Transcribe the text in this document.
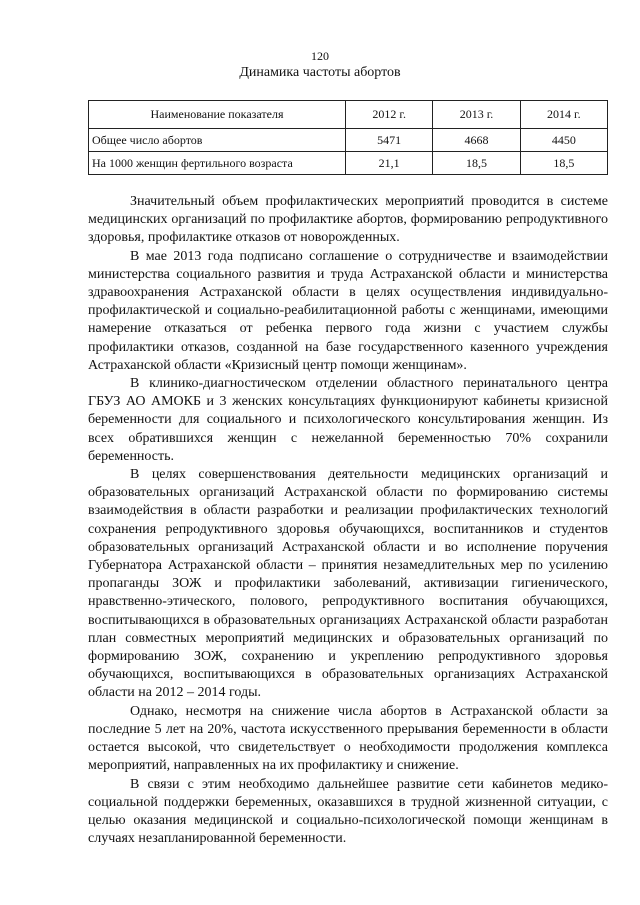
120
Динамика частоты абортов
Наименование показателя	2012 г.	2013 г.	2014 г.
Общее число абортов	5471	4668	4450
На 1000 женщин фертильного возраста	21,1	18,5	18,5

Значительный объем профилактических мероприятий проводится в системе медицинских организаций по профилактике абортов, формированию репродуктивного здоровья, профилактике отказов от новорожденных.

В мае 2013 года подписано соглашение о сотрудничестве и взаимодействии министерства социального развития и труда Астраханской области и министерства здравоохранения Астраханской области в целях осуществления индивидуально-профилактической и социально-реабилитационной работы с женщинами, имеющими намерение отказаться от ребенка первого года жизни с участием службы профилактики отказов, созданной на базе государственного казенного учреждения Астраханской области «Кризисный центр помощи женщинам».

В клинико-диагностическом отделении областного перинатального центра ГБУЗ АО АМОКБ и 3 женских консультациях функционируют кабинеты кризисной беременности для социального и психологического консультирования женщин. Из всех обратившихся женщин с нежеланной беременностью 70% сохранили беременность.

В целях совершенствования деятельности медицинских организаций и образовательных организаций Астраханской области по формированию системы взаимодействия в области разработки и реализации профилактических технологий сохранения репродуктивного здоровья обучающихся, воспитанников и студентов образовательных организаций Астраханской области и во исполнение поручения Губернатора Астраханской области – принятия незамедлительных мер по усилению пропаганды ЗОЖ и профилактики заболеваний, активизации гигиенического, нравственно-этического, полового, репродуктивного воспитания обучающихся, воспитывающихся в образовательных организациях Астраханской области разработан план совместных мероприятий медицинских и образовательных организаций по формированию ЗОЖ, сохранению и укреплению репродуктивного здоровья обучающихся, воспитывающихся в образовательных организациях Астраханской области на 2012 – 2014 годы.

Однако, несмотря на снижение числа абортов в Астраханской области за последние 5 лет на 20%, частота искусственного прерывания беременности в области остается высокой, что свидетельствует о необходимости продолжения комплекса мероприятий, направленных на их профилактику и снижение.

В связи с этим необходимо дальнейшее развитие сети кабинетов медико-социальной поддержки беременных, оказавшихся в трудной жизненной ситуации, с целью оказания медицинской и социально-психологической помощи женщинам в случаях незапланированной беременности.
